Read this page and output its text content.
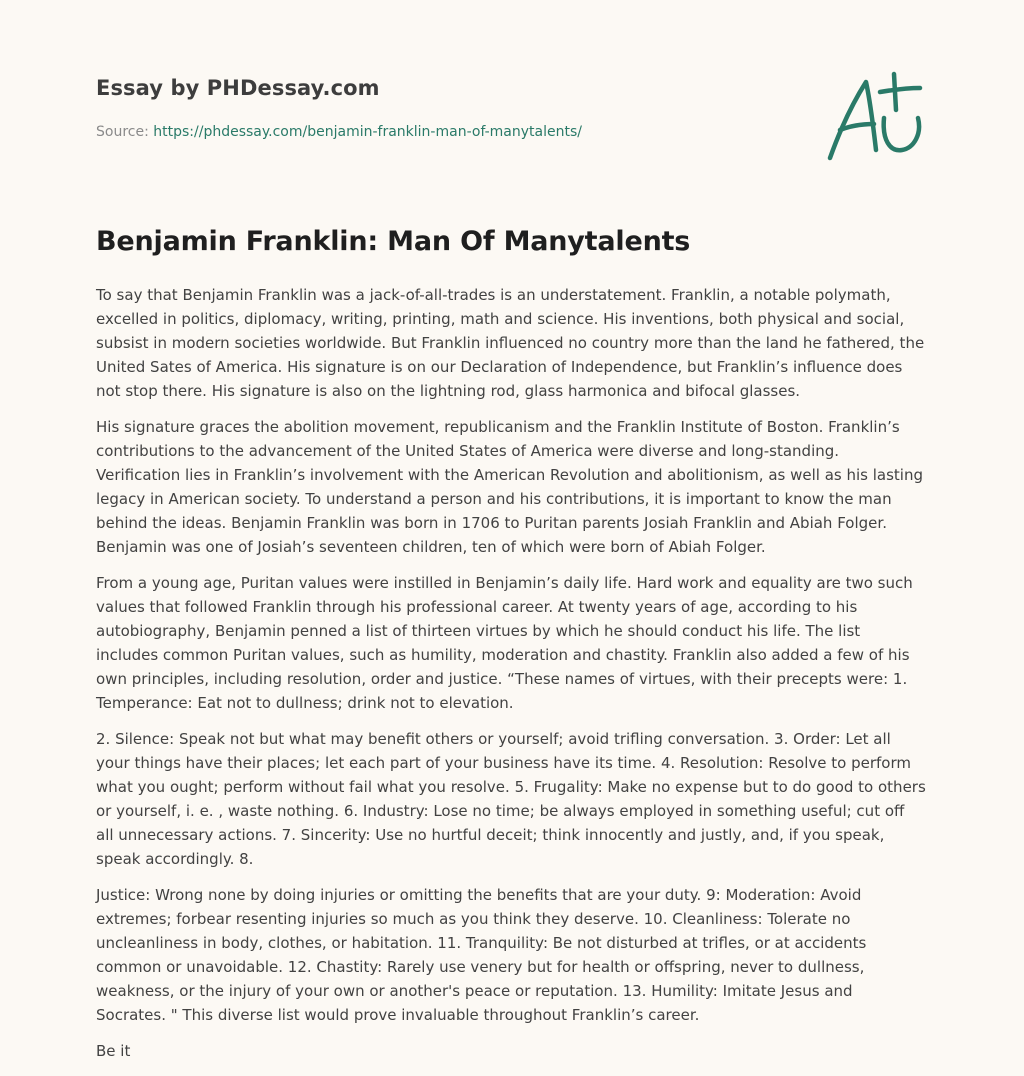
Essay by PHDessay.com
Source: https://phdessay.com/benjamin-franklin-man-of-manytalents/
Benjamin Franklin: Man Of Manytalents

To say that Benjamin Franklin was a jack-of-all-trades is an understatement. Franklin, a notable polymath, excelled in politics, diplomacy, writing, printing, math and science. His inventions, both physical and social, subsist in modern societies worldwide. But Franklin influenced no country more than the land he fathered, the United Sates of America. His signature is on our Declaration of Independence, but Franklin’s influence does not stop there. His signature is also on the lightning rod, glass harmonica and bifocal glasses.

His signature graces the abolition movement, republicanism and the Franklin Institute of Boston. Franklin’s contributions to the advancement of the United States of America were diverse and long-standing. Verification lies in Franklin’s involvement with the American Revolution and abolitionism, as well as his lasting legacy in American society. To understand a person and his contributions, it is important to know the man behind the ideas. Benjamin Franklin was born in 1706 to Puritan parents Josiah Franklin and Abiah Folger. Benjamin was one of Josiah’s seventeen children, ten of which were born of Abiah Folger.

From a young age, Puritan values were instilled in Benjamin’s daily life. Hard work and equality are two such values that followed Franklin through his professional career. At twenty years of age, according to his autobiography, Benjamin penned a list of thirteen virtues by which he should conduct his life. The list includes common Puritan values, such as humility, moderation and chastity. Franklin also added a few of his own principles, including resolution, order and justice. “These names of virtues, with their precepts were: 1. Temperance: Eat not to dullness; drink not to elevation.

2. Silence: Speak not but what may benefit others or yourself; avoid trifling conversation. 3. Order: Let all your things have their places; let each part of your business have its time. 4. Resolution: Resolve to perform what you ought; perform without fail what you resolve. 5. Frugality: Make no expense but to do good to others or yourself, i. e. , waste nothing. 6. Industry: Lose no time; be always employed in something useful; cut off all unnecessary actions. 7. Sincerity: Use no hurtful deceit; think innocently and justly, and, if you speak, speak accordingly. 8.

Justice: Wrong none by doing injuries or omitting the benefits that are your duty. 9: Moderation: Avoid extremes; forbear resenting injuries so much as you think they deserve. 10. Cleanliness: Tolerate no uncleanliness in body, clothes, or habitation. 11. Tranquility: Be not disturbed at trifles, or at accidents common or unavoidable. 12. Chastity: Rarely use venery but for health or offspring, never to dullness, weakness, or the injury of your own or another's peace or reputation. 13. Humility: Imitate Jesus and Socrates. " This diverse list would prove invaluable throughout Franklin’s career.

Be it
